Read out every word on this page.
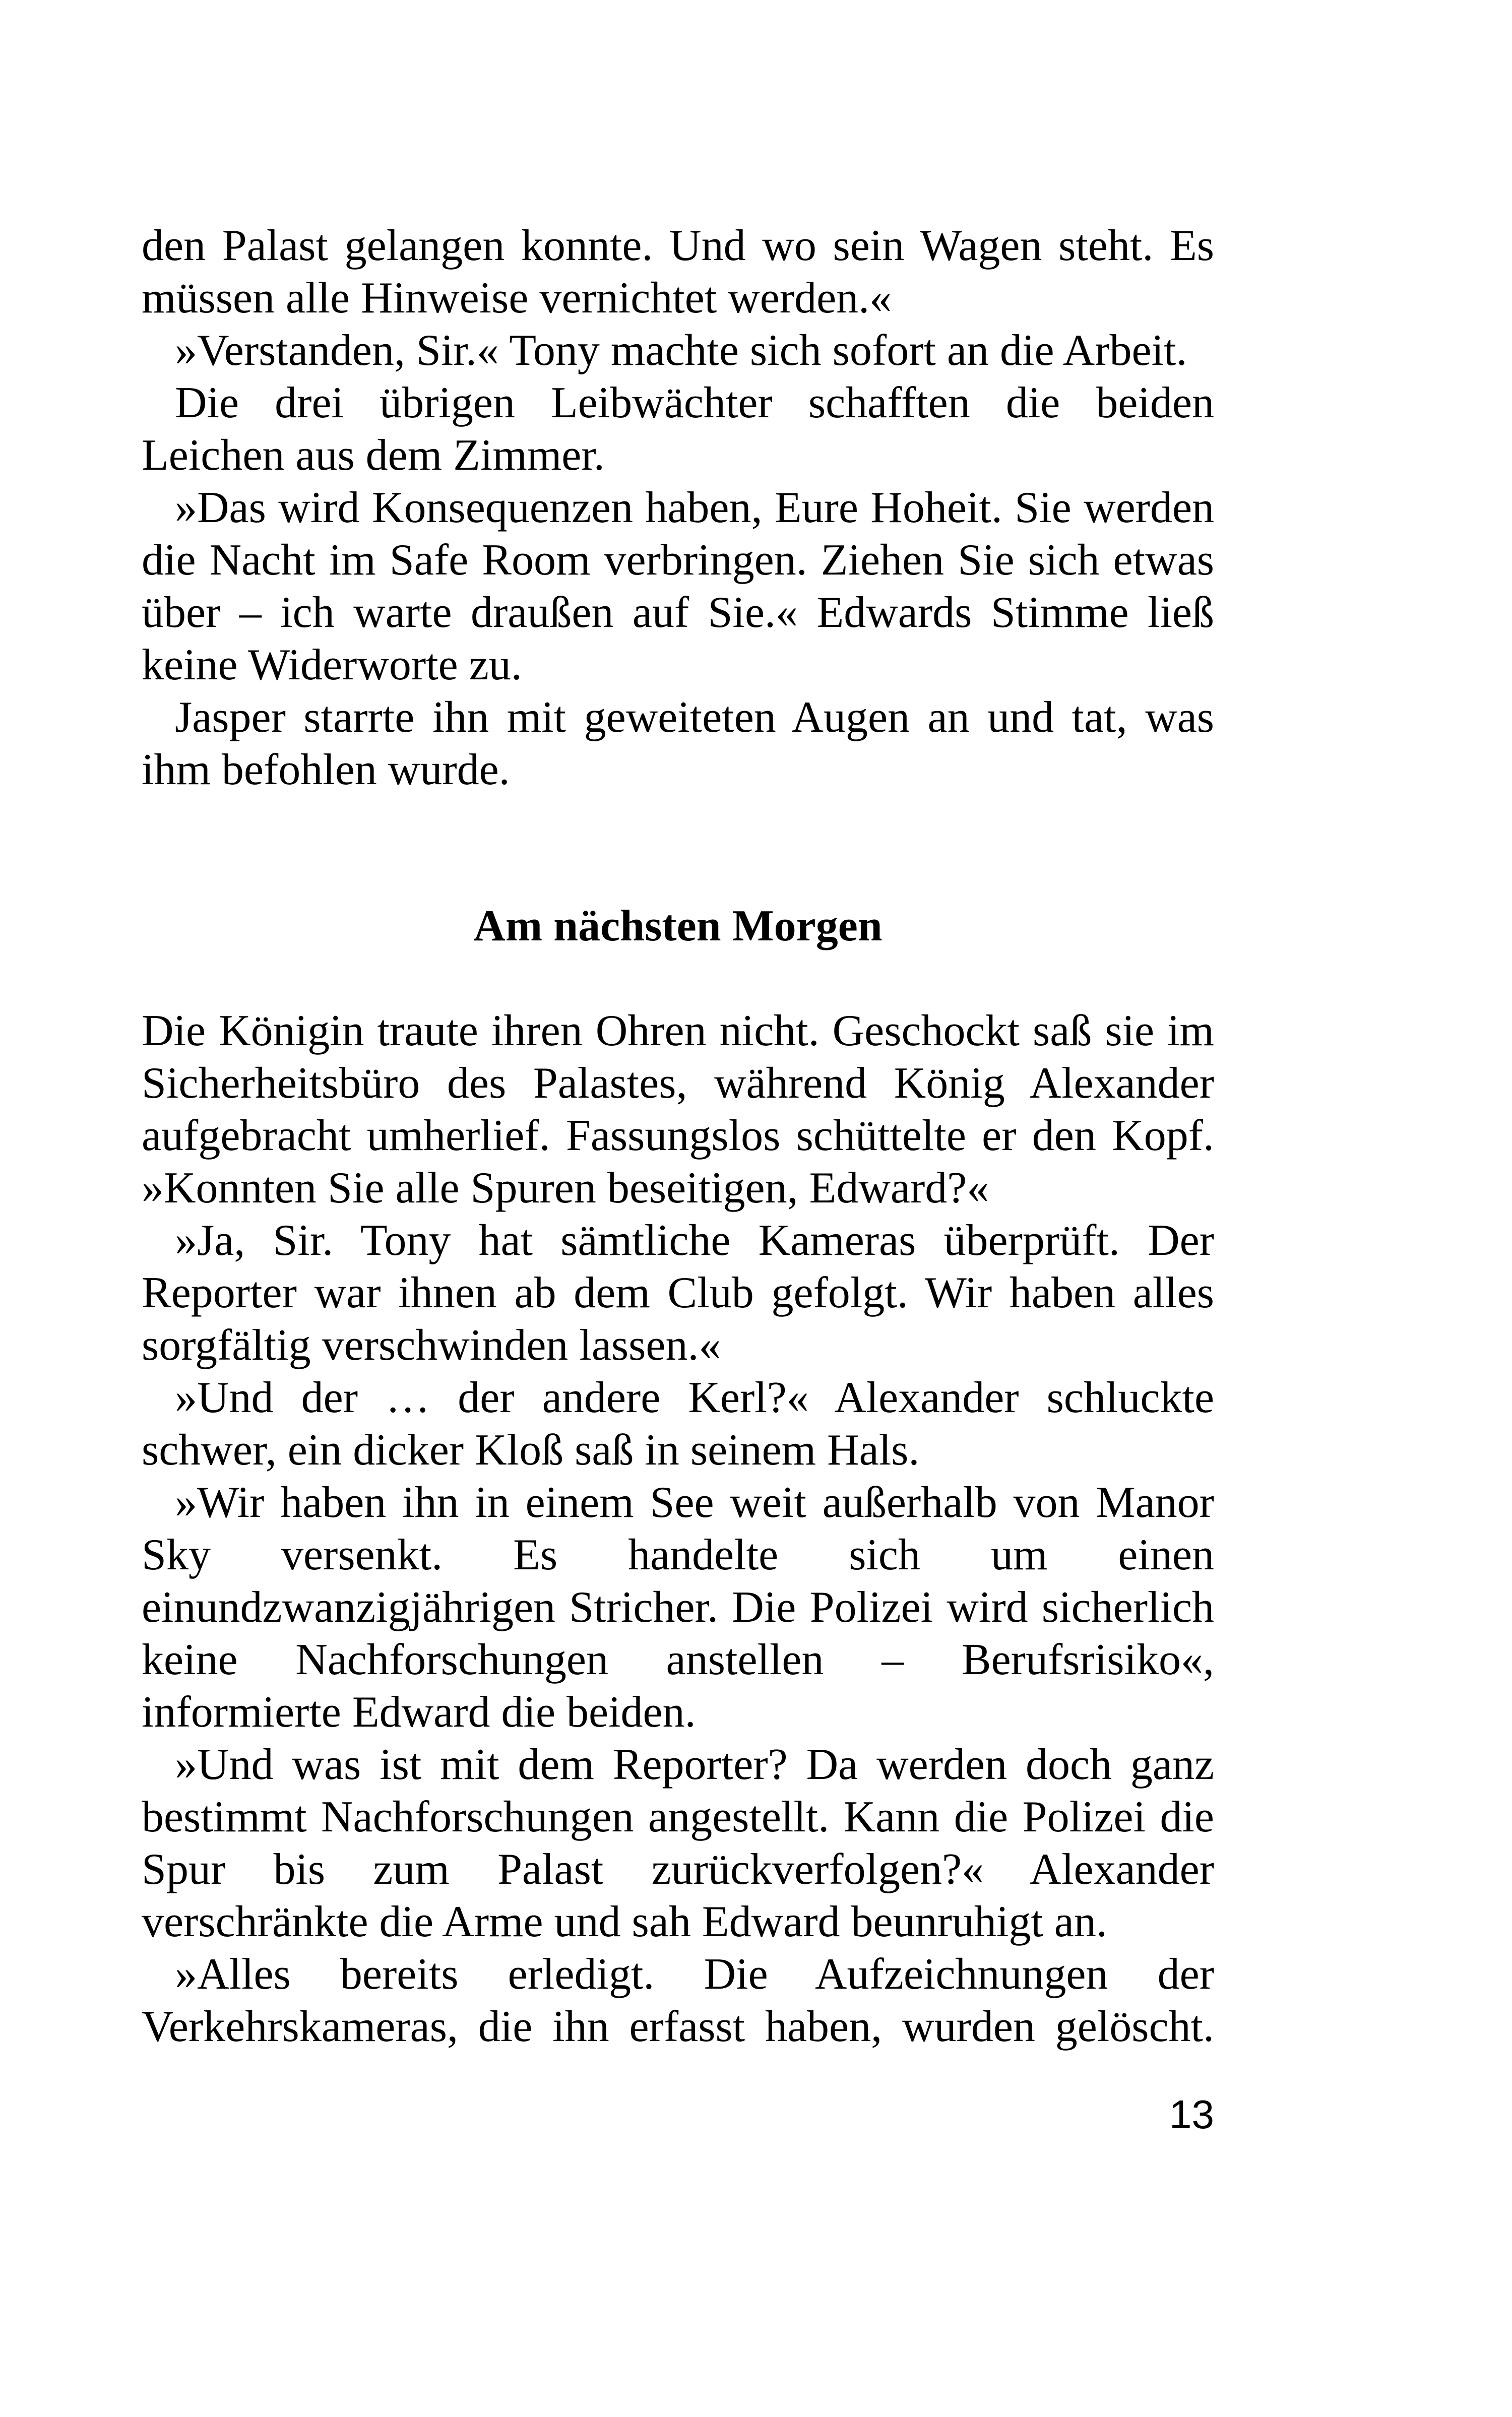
den Palast gelangen konnte. Und wo sein Wagen steht. Es müssen alle Hinweise vernichtet werden.«

»Verstanden, Sir.« Tony machte sich sofort an die Arbeit.

Die drei übrigen Leibwächter schafften die beiden Leichen aus dem Zimmer.

»Das wird Konsequenzen haben, Eure Hoheit. Sie werden die Nacht im Safe Room verbringen. Ziehen Sie sich etwas über – ich warte draußen auf Sie.« Edwards Stimme ließ keine Widerworte zu.

Jasper starrte ihn mit geweiteten Augen an und tat, was ihm befohlen wurde.

Am nächsten Morgen

Die Königin traute ihren Ohren nicht. Geschockt saß sie im Sicherheitsbüro des Palastes, während König Alexander aufgebracht umherlief. Fassungslos schüttelte er den Kopf. »Konnten Sie alle Spuren beseitigen, Edward?«

»Ja, Sir. Tony hat sämtliche Kameras überprüft. Der Reporter war ihnen ab dem Club gefolgt. Wir haben alles sorgfältig verschwinden lassen.«

»Und der … der andere Kerl?« Alexander schluckte schwer, ein dicker Kloß saß in seinem Hals.

»Wir haben ihn in einem See weit außerhalb von Manor Sky versenkt. Es handelte sich um einen einundzwanzigjährigen Stricher. Die Polizei wird sicherlich keine Nachforschungen anstellen – Berufsrisiko«, informierte Edward die beiden.

»Und was ist mit dem Reporter? Da werden doch ganz bestimmt Nachforschungen angestellt. Kann die Polizei die Spur bis zum Palast zurückverfolgen?« Alexander verschränkte die Arme und sah Edward beunruhigt an.

»Alles bereits erledigt. Die Aufzeichnungen der Verkehrskameras, die ihn erfasst haben, wurden gelöscht.

13
